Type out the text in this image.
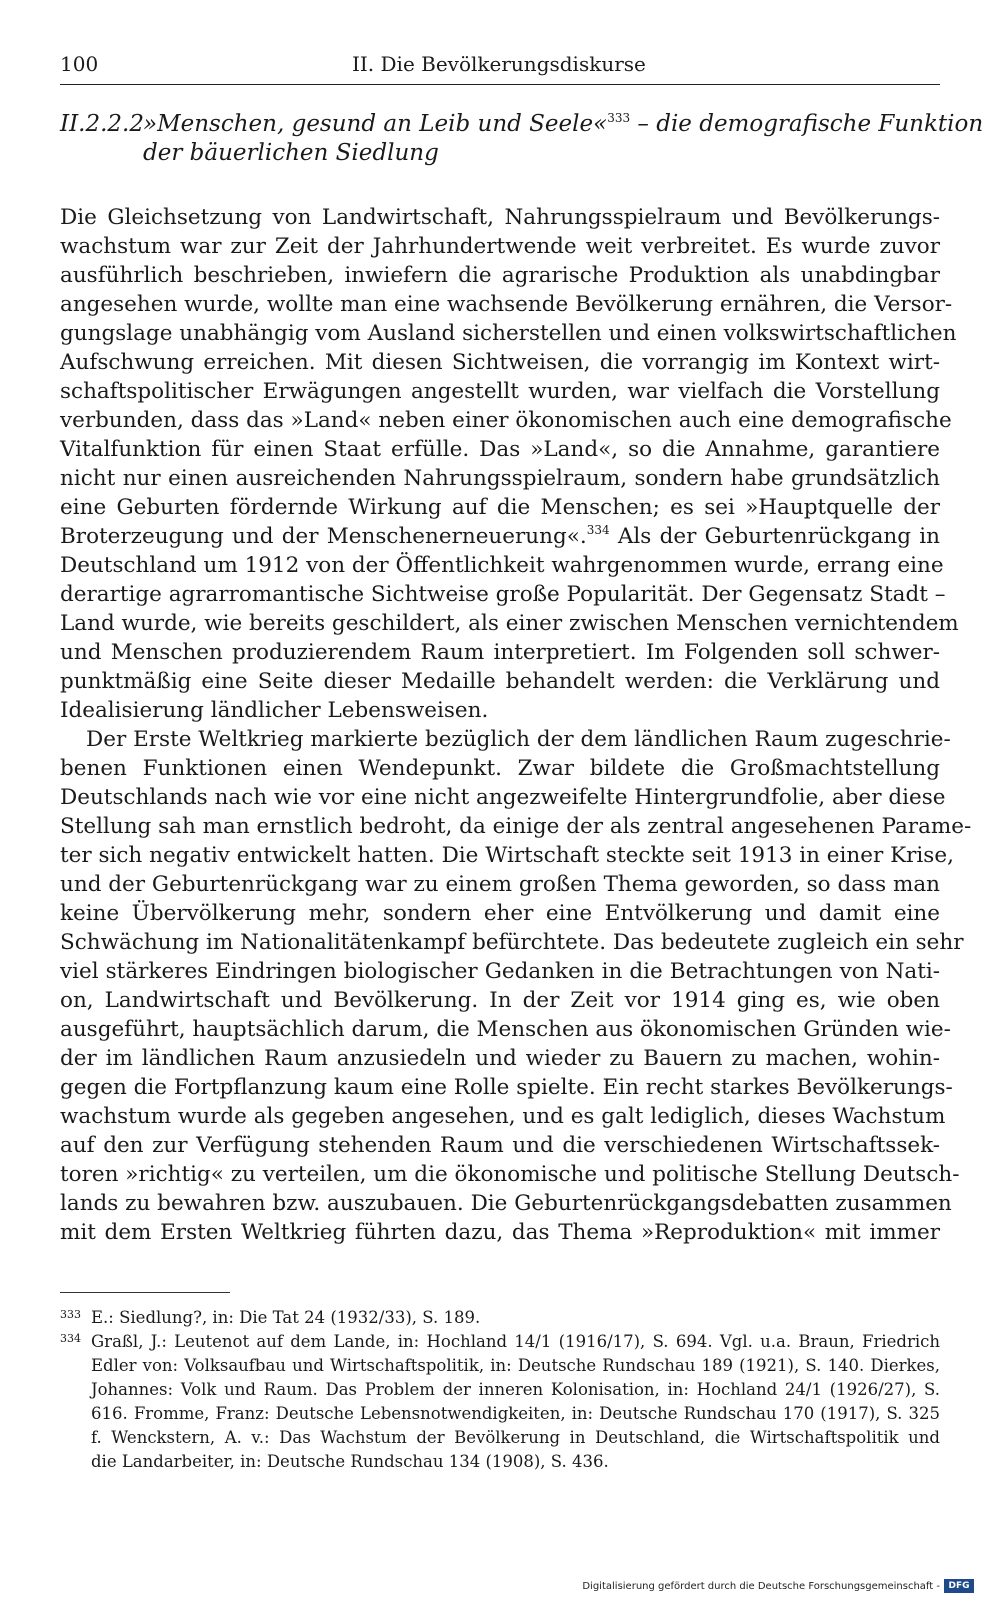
100	II. Die Bevölkerungsdiskurse
II.2.2.2»Menschen, gesund an Leib und Seele«$^{333}$ – die demografische Funktion
der bäuerlichen Siedlung
Die Gleichsetzung von Landwirtschaft, Nahrungsspielraum und Bevölkerungs-
wachstum war zur Zeit der Jahrhundertwende weit verbreitet. Es wurde zuvor
ausführlich beschrieben, inwiefern die agrarische Produktion als unabdingbar
angesehen wurde, wollte man eine wachsende Bevölkerung ernähren, die Versor-
gungslage unabhängig vom Ausland sicherstellen und einen volkswirtschaftlichen
Aufschwung erreichen. Mit diesen Sichtweisen, die vorrangig im Kontext wirt-
schaftspolitischer Erwägungen angestellt wurden, war vielfach die Vorstellung
verbunden, dass das »Land« neben einer ökonomischen auch eine demografische
Vitalfunktion für einen Staat erfülle. Das »Land«, so die Annahme, garantiere
nicht nur einen ausreichenden Nahrungsspielraum, sondern habe grundsätzlich
eine Geburten fördernde Wirkung auf die Menschen; es sei »Hauptquelle der
Broterzeugung und der Menschenerneuerung«.$^{334}$ Als der Geburtenrückgang in
Deutschland um 1912 von der Öffentlichkeit wahrgenommen wurde, errang eine
derartige agrarromantische Sichtweise große Popularität. Der Gegensatz Stadt –
Land wurde, wie bereits geschildert, als einer zwischen Menschen vernichtendem
und Menschen produzierendem Raum interpretiert. Im Folgenden soll schwer-
punktmäßig eine Seite dieser Medaille behandelt werden: die Verklärung und
Idealisierung ländlicher Lebensweisen.
Der Erste Weltkrieg markierte bezüglich der dem ländlichen Raum zugeschrie-
benen Funktionen einen Wendepunkt. Zwar bildete die Großmachtstellung
Deutschlands nach wie vor eine nicht angezweifelte Hintergrundfolie, aber diese
Stellung sah man ernstlich bedroht, da einige der als zentral angesehenen Parame-
ter sich negativ entwickelt hatten. Die Wirtschaft steckte seit 1913 in einer Krise,
und der Geburtenrückgang war zu einem großen Thema geworden, so dass man
keine Übervölkerung mehr, sondern eher eine Entvölkerung und damit eine
Schwächung im Nationalitätenkampf befürchtete. Das bedeutete zugleich ein sehr
viel stärkeres Eindringen biologischer Gedanken in die Betrachtungen von Nati-
on, Landwirtschaft und Bevölkerung. In der Zeit vor 1914 ging es, wie oben
ausgeführt, hauptsächlich darum, die Menschen aus ökonomischen Gründen wie-
der im ländlichen Raum anzusiedeln und wieder zu Bauern zu machen, wohin-
gegen die Fortpflanzung kaum eine Rolle spielte. Ein recht starkes Bevölkerungs-
wachstum wurde als gegeben angesehen, und es galt lediglich, dieses Wachstum
auf den zur Verfügung stehenden Raum und die verschiedenen Wirtschaftssek-
toren »richtig« zu verteilen, um die ökonomische und politische Stellung Deutsch-
lands zu bewahren bzw. auszubauen. Die Geburtenrückgangsdebatten zusammen
mit dem Ersten Weltkrieg führten dazu, das Thema »Reproduktion« mit immer
333 E.: Siedlung?, in: Die Tat 24 (1932/33), S. 189.
334 Graßl, J.: Leutenot auf dem Lande, in: Hochland 14/1 (1916/17), S. 694. Vgl. u.a. Braun, Friedrich
Edler von: Volksaufbau und Wirtschaftspolitik, in: Deutsche Rundschau 189 (1921), S. 140. Dierkes,
Johannes: Volk und Raum. Das Problem der inneren Kolonisation, in: Hochland 24/1 (1926/27), S.
616. Fromme, Franz: Deutsche Lebensnotwendigkeiten, in: Deutsche Rundschau 170 (1917), S. 325
f. Wenckstern, A. v.: Das Wachstum der Bevölkerung in Deutschland, die Wirtschaftspolitik und
die Landarbeiter, in: Deutsche Rundschau 134 (1908), S. 436.
Digitalisierung gefördert durch die Deutsche Forschungsgemeinschaft - DFG
